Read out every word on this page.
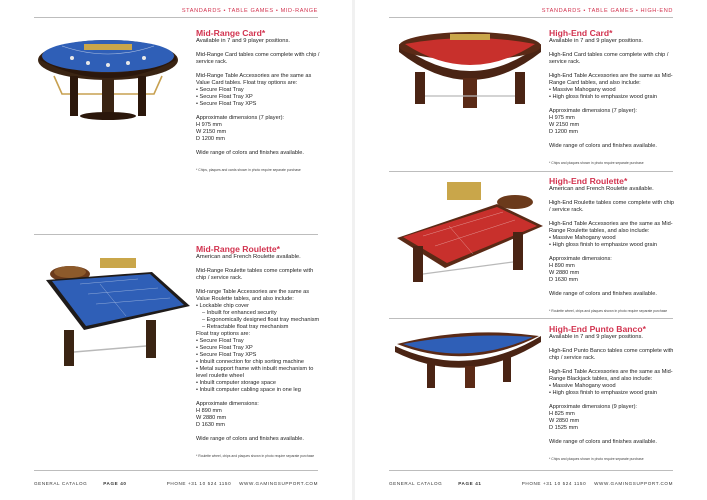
STANDARDS • TABLE GAMES • MID-RANGE

Mid-Range Card*

Available in 7 and 9 player positions.

Mid-Range Card tables come complete with chip / service rack.

Mid-Range Table Accessories are the same as Value Card tables. Float tray options are:

• Secure Float Tray
• Secure Float Tray XP
• Secure Float Tray XPS

Approximate dimensions (7 player):

H 975 mm

W 2150 mm

D 1200 mm

Wide range of colors and finishes available.

* Chips, plaques and cards shown in photo require separate purchase

Mid-Range Roulette*

American and French Roulette available.

Mid-Range Roulette tables come complete with chip / service rack.

Mid-range Table Accessories are the same as Value Roulette tables, and also include:

• Lockable chip cover
– Inbuilt for enhanced security
– Ergonomically designed float tray mechanism
– Retractable float tray mechanism
Float tray options are:
• Secure Float Tray
• Secure Float Tray XP
• Secure Float Tray XPS
• Inbuilt connection for chip sorting machine
• Metal support frame with inbuilt mechanism to level roulette wheel
• Inbuilt computer storage space
• Inbuilt computer cabling space in one leg

Approximate dimensions:

H 890 mm

W 2880 mm

D 1630 mm

Wide range of colors and finishes available.

* Roulette wheel, chips and plaques shown in photo require separate purchase

GENERAL CATALOG	PAGE 40	PHONE +31 10 524 1150 WWW.GAMINGSUPPORT.COM
STANDARDS • TABLE GAMES • HIGH-END

High-End Card*

Available in 7 and 9 player positions.

High-End Card tables come complete with chip / service rack.

High-End Table Accessories are the same as Mid-Range Card tables, and also include:

• Massive Mahogany wood
• High gloss finish to emphasize wood grain

Approximate dimensions (7 player):

H 975 mm

W 2150 mm

D 1200 mm

Wide range of colors and finishes available.

* Chips and plaques shown in photo require separate purchase

High-End Roulette*

American and French Roulette available.

High-End Roulette tables come complete with chip / service rack.

High-End Table Accessories are the same as Mid-Range Roulette tables, and also include:

• Massive Mahogany wood
• High gloss finish to emphasize wood grain

Approximate dimensions:

H 890 mm

W 2880 mm

D 1630 mm

Wide range of colors and finishes available.

* Roulette wheel, chips and plaques shown in photo require separate purchase

High-End Punto Banco*

Available in 7 and 9 player positions.

High-End Punto Banco tables come complete with chip / service rack.

High-End Table Accessories are the same as Mid-Range Blackjack tables, and also include:

• Massive Mahogany wood
• High gloss finish to emphasize wood grain

Approximate dimensions (9 player):

H 825 mm

W 2850 mm

D 1525 mm

Wide range of colors and finishes available.

* Chips and plaques shown in photo require separate purchase

GENERAL CATALOG	PAGE 41	PHONE +31 10 524 1150 WWW.GAMINGSUPPORT.COM
